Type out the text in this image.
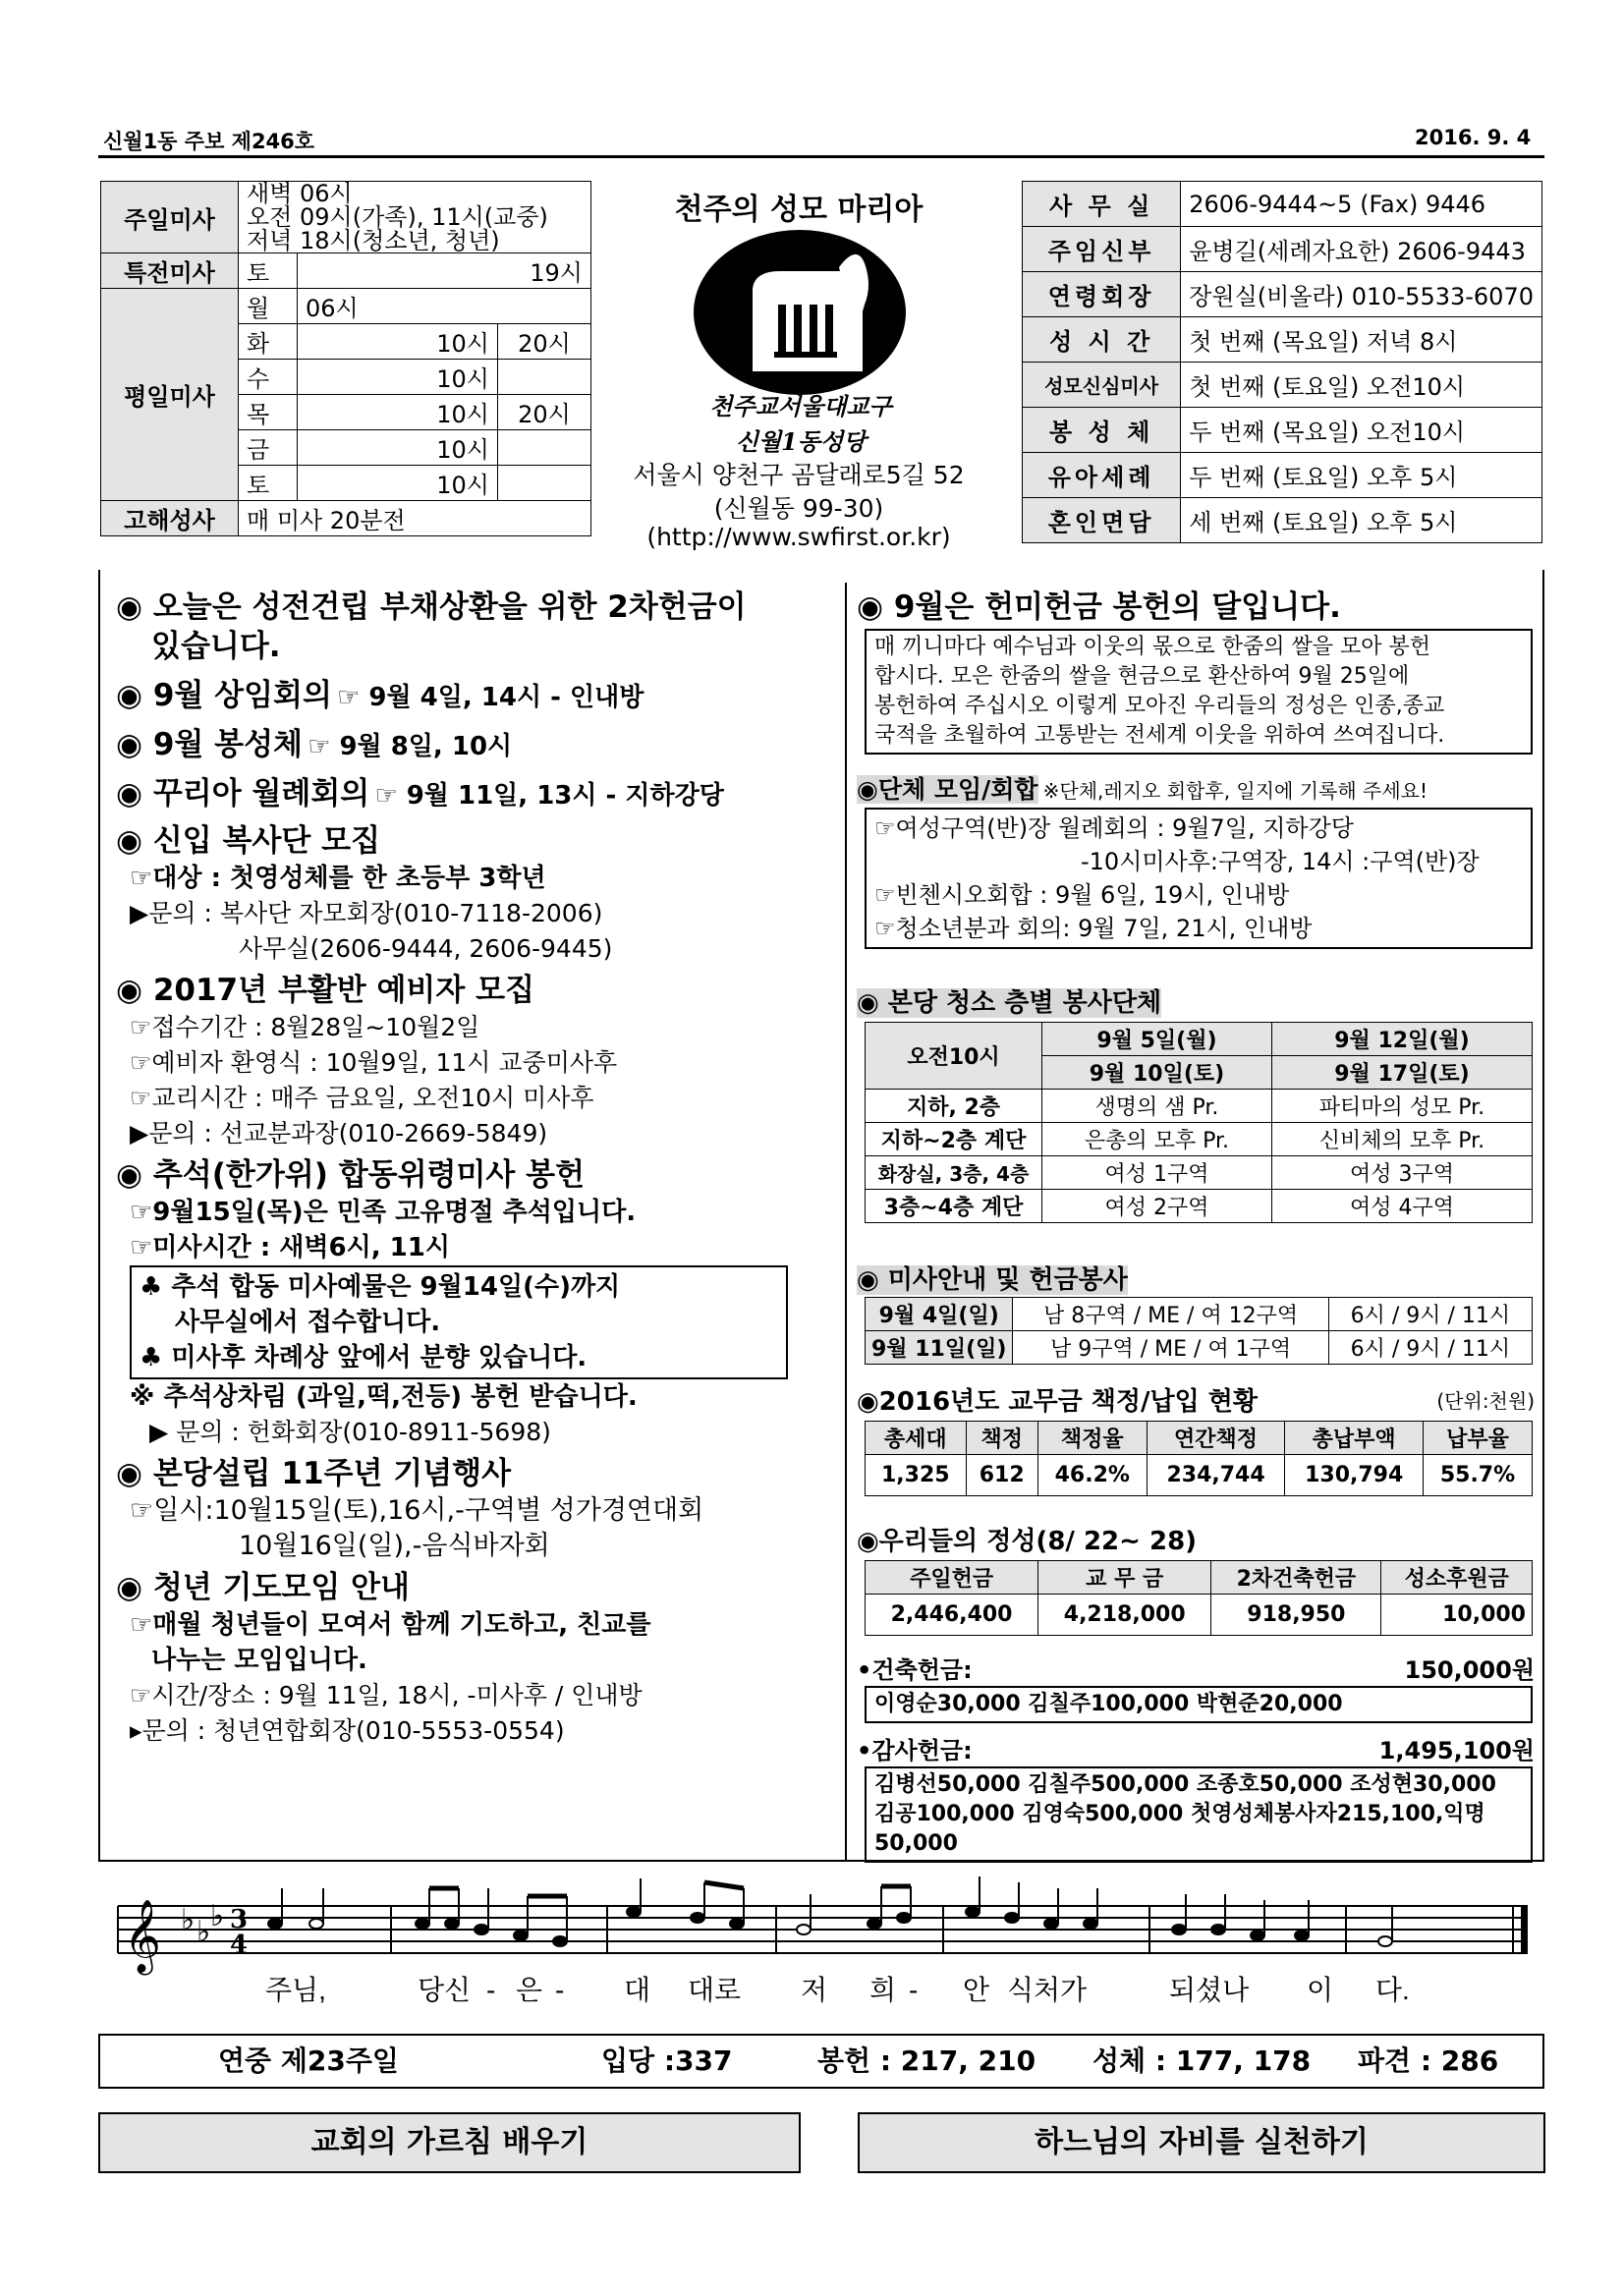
신월1동 주보 제246호	2016. 9. 4
주일미사	새벽 06시		
	오전 09시(가족), 11시(교중)		
	저녁 18시(청소년, 청년)		
특전미사	토	19시	
평일미사	월	06시	
	화	10시	20시
	수	10시	
	목	10시	20시
	금	10시	
	토	10시	
고해성사	매 미사 20분전		
천주의 성모 마리아
천주교서울대교구
신월1동성당
서울시 양천구 곰달래로5길 52
(신월동 99-30)
(http://www.swfirst.or.kr)
사 무 실	2606-9444~5 (Fax) 9446
주임신부	윤병길(세례자요한) 2606-9443
연령회장	장원실(비올라) 010-5533-6070
성 시 간	첫 번째 (목요일) 저녁 8시
성모신심미사	첫 번째 (토요일) 오전10시
봉 성 체	두 번째 (목요일) 오전10시
유아세례	두 번째 (토요일) 오후 5시
혼인면담	세 번째 (토요일) 오후 5시
◉ 오늘은 성전건립 부채상환을 위한 2차헌금이
있습니다.
◉ 9월 상임회의 ☞ 9월 4일, 14시 - 인내방
◉ 9월 봉성체 ☞ 9월 8일, 10시
◉ 꾸리아 월례회의 ☞ 9월 11일, 13시 - 지하강당
◉ 신입 복사단 모집
☞대상 : 첫영성체를 한 초등부 3학년
▶문의 : 복사단 자모회장(010-7118-2006)
사무실(2606-9444, 2606-9445)
◉ 2017년 부활반 예비자 모집
☞접수기간 : 8월28일~10월2일
☞예비자 환영식 : 10월9일, 11시 교중미사후
☞교리시간 : 매주 금요일, 오전10시 미사후
▶문의 : 선교분과장(010-2669-5849)
◉ 추석(한가위) 합동위령미사 봉헌
☞9월15일(목)은 민족 고유명절 추석입니다.
☞미사시간 : 새벽6시, 11시
♣ 추석 합동 미사예물은 9월14일(수)까지
사무실에서 접수합니다.
♣ 미사후 차례상 앞에서 분향 있습니다.
※ 추석상차림 (과일,떡,전등) 봉헌 받습니다.
▶ 문의 : 헌화회장(010-8911-5698)
◉ 본당설립 11주년 기념행사
☞일시:10월15일(토),16시,-구역별 성가경연대회
10월16일(일),-음식바자회
◉ 청년 기도모임 안내
☞매월 청년들이 모여서 함께 기도하고, 친교를
나누는 모임입니다.
☞시간/장소 : 9월 11일, 18시, -미사후 / 인내방
▸문의 : 청년연합회장(010-5553-0554)
◉ 9월은 헌미헌금 봉헌의 달입니다.
매 끼니마다 예수님과 이웃의 몫으로 한줌의 쌀을 모아 봉헌
합시다. 모은 한줌의 쌀을 현금으로 환산하여 9월 25일에
봉헌하여 주십시오 이렇게 모아진 우리들의 정성은 인종,종교
국적을 초월하여 고통받는 전세계 이웃을 위하여 쓰여집니다.
◉단체 모임/회합 ※단체,레지오 회합후, 일지에 기록해 주세요!
☞여성구역(반)장 월례회의 : 9월7일, 지하강당
-10시미사후:구역장, 14시 :구역(반)장
☞빈첸시오회합 : 9월 6일, 19시, 인내방
☞청소년분과 회의: 9월 7일, 21시, 인내방
◉ 본당 청소 층별 봉사단체
오전10시	9월 5일(월)	9월 12일(월)
	9월 10일(토)	9월 17일(토)
지하, 2층	생명의 샘 Pr.	파티마의 성모 Pr.
지하~2층 계단	은총의 모후 Pr.	신비체의 모후 Pr.
화장실, 3층, 4층	여성 1구역	여성 3구역
3층~4층 계단	여성 2구역	여성 4구역
◉ 미사안내 및 헌금봉사
9월 4일(일)	남 8구역 / ME / 여 12구역	6시 / 9시 / 11시
9월 11일(일)	남 9구역 / ME / 여 1구역	6시 / 9시 / 11시
◉2016년도 교무금 책정/납입 현황	(단위:천원)
총세대	책정	책정율	연간책정	총납부액	납부율
1,325	612	46.2%	234,744	130,794	55.7%
◉우리들의 정성(8/ 22~ 28)
주일헌금	교 무 금	2차건축헌금	성소후원금
2,446,400	4,218,000	918,950	10,000
•건축헌금:	150,000원
이영순30,000 김칠주100,000 박현준20,000
•감사헌금:	1,495,100원
김병선50,000 김칠주500,000 조종호50,000 조성현30,000
김공100,000 김영숙500,000 첫영성체봉사자215,100,익명50,000
𝄞 ♭ ♭ ♭ 3
4
주님,	당신 - 은 - 대 대로 저 희 - 안 식처가	되셨나 이 다.
연중 제23주일	입당 :337	봉헌 : 217, 210 성체 : 177, 178 파견 : 286
교회의 가르침 배우기	하느님의 자비를 실천하기
